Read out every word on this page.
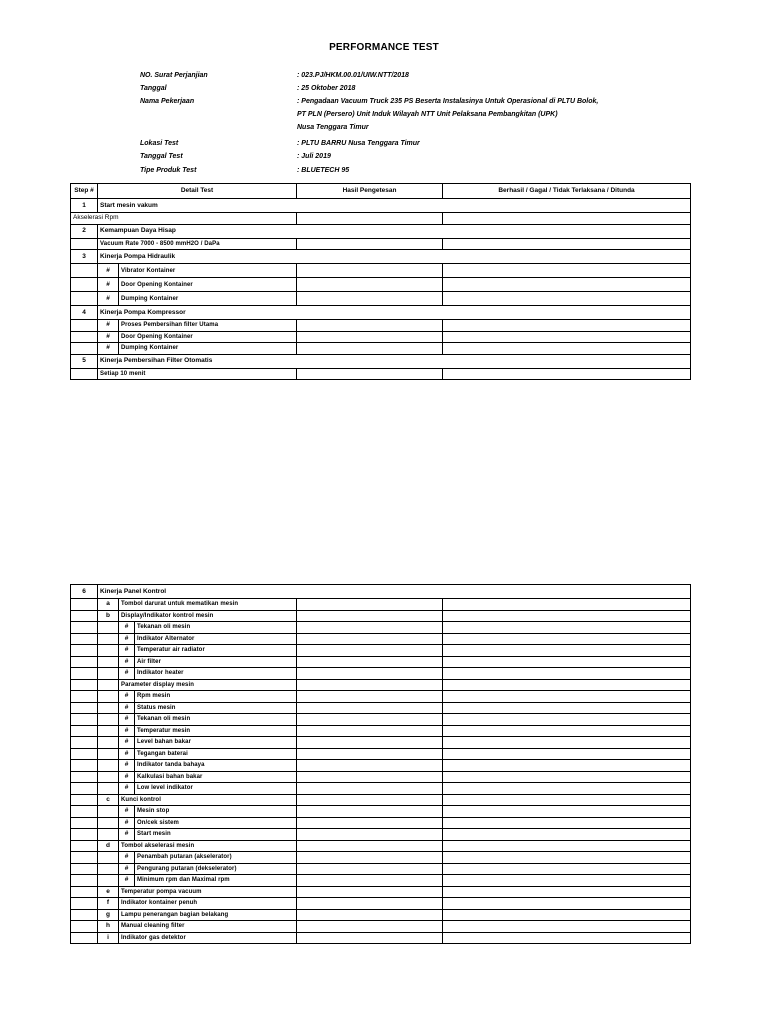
PERFORMANCE TEST
NO. Surat Perjanjian	: 023.PJ/HKM.00.01/UIW.NTT/2018
Tanggal	: 25 Oktober 2018
Nama Pekerjaan	: Pengadaan Vacuum Truck 235 PS Beserta Instalasinya Untuk Operasional di PLTU Bolok,
PT PLN (Persero) Unit Induk Wilayah NTT Unit Pelaksana Pembangkitan (UPK)
Nusa Tenggara Timur
Lokasi Test	: PLTU BARRU Nusa Tenggara Timur
Tanggal Test	: Juli 2019
Tipe Produk Test	: BLUETECH 95
Step #	Detail Test		Hasil Pengetesan	Berhasil / Gagal / Tidak Terlaksana / Ditunda
1	Start mesin vakum			
Akselerasi Rpm				
2	Kemampuan Daya Hisap			
	Vacuum Rate 7000 - 8500 mmH2O / DaPa			
3	Kinerja Pompa Hidraulik			
	#	Vibrator Kontainer		
	#	Door Opening Kontainer		
	#	Dumping Kontainer		
4	Kinerja Pompa Kompressor			
	#	Proses Pembersihan filter Utama		
	#	Door Opening Kontainer		
	#	Dumping Kontainer		
5	Kinerja Pembersihan Filter Otomatis			
	Setiap 10 menit			
6	Kinerja Panel Kontrol				
	a	Tombol darurat untuk mematikan mesin			
	b	Display/Indikator kontrol mesin			
		#	Tekanan oli mesin		
		#	Indikator Alternator		
		#	Temperatur air radiator		
		#	Air filter		
		#	Indikator heater		
		Parameter display mesin			
		#	Rpm mesin		
		#	Status mesin		
		#	Tekanan oli mesin		
		#	Temperatur mesin		
		#	Level bahan bakar		
		#	Tegangan baterai		
		#	Indikator tanda bahaya		
		#	Kalkulasi bahan bakar		
		#	Low level indikator		
	c	Kunci kontrol			
		#	Mesin stop		
		#	On/cek sistem		
		#	Start mesin		
	d	Tombol akselerasi mesin			
		#	Penambah putaran (akselerator)		
		#	Pengurang putaran (dekselerator)		
		#	Minimum rpm dan Maximal rpm		
	e	Temperatur pompa vacuum			
	f	Indikator kontainer penuh			
	g	Lampu penerangan bagian belakang			
	h	Manual cleaning filter			
	i	Indikator gas detektor			
